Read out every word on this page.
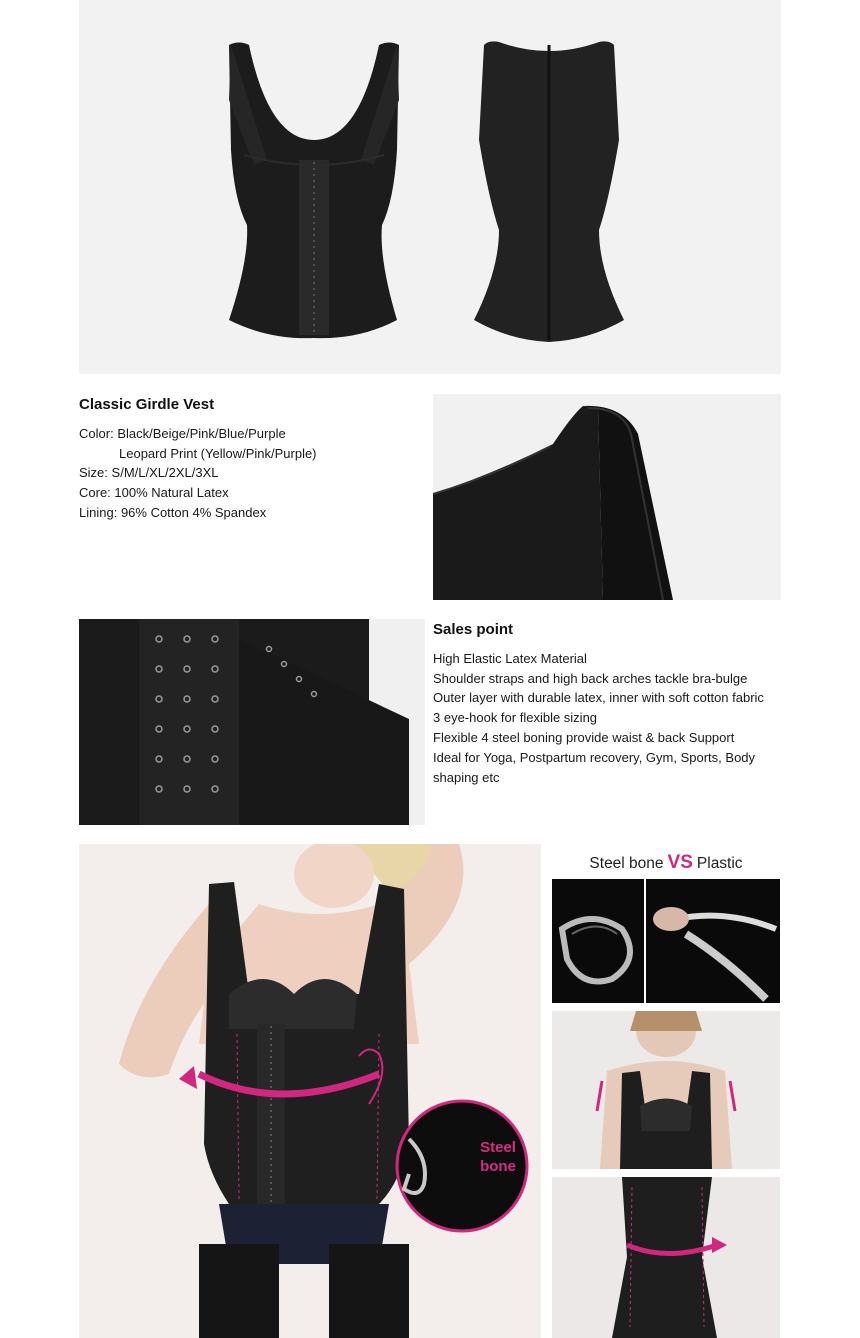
Classic Girdle Vest

Color: Black/Beige/Pink/Blue/Purple

Leopard Print (Yellow/Pink/Purple)

Size: S/M/L/XL/2XL/3XL

Core: 100% Natural Latex

Lining: 96% Cotton 4% Spandex

Sales point

High Elastic Latex Material

Shoulder straps and high back arches tackle bra-bulge

Outer layer with durable latex, inner with soft cotton fabric

3 eye-hook for flexible sizing

Flexible 4 steel boning provide waist & back Support

Ideal for Yoga, Postpartum recovery, Gym, Sports, Body shaping etc

Steel
bone
Steel bone VS Plastic
